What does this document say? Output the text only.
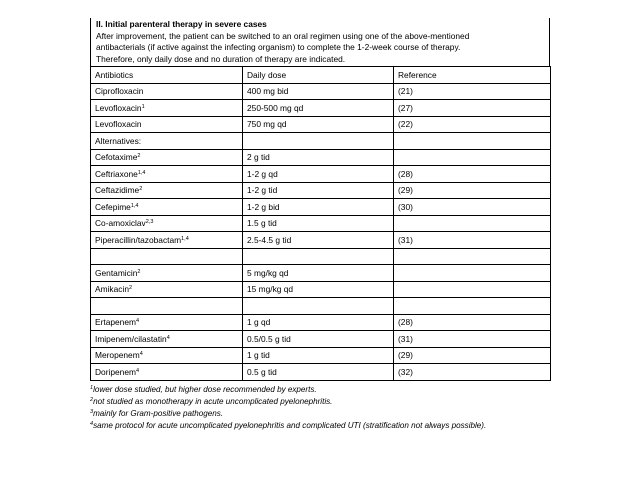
II. Initial parenteral therapy in severe cases
After improvement, the patient can be switched to an oral regimen using one of the above-mentioned
antibacterials (if active against the infecting organism) to complete the 1-2-week course of therapy.
Therefore, only daily dose and no duration of therapy are indicated.
Antibiotics	Daily dose	Reference
Ciprofloxacin	400 mg bid	(21)
Levofloxacin$^1$	250-500 mg qd	(27)
Levofloxacin	750 mg qd	(22)
Alternatives:		
Cefotaxime$^2$	2 g tid	
Ceftriaxone$^{1,4}$	1-2 g qd	(28)
Ceftazidime$^2$	1-2 g tid	(29)
Cefepime$^{1,4}$	1-2 g bid	(30)
Co-amoxiclav$^{2,3}$	1.5 g tid	
Piperacillin/tazobactam$^{1,4}$	2.5-4.5 g tid	(31)

Gentamicin$^2$	5 mg/kg qd	
Amikacin$^2$	15 mg/kg qd	

Ertapenem$^4$	1 g qd	(28)
Imipenem/cilastatin$^4$	0.5/0.5 g tid	(31)
Meropenem$^4$	1 g tid	(29)
Doripenem$^4$	0.5 g tid	(32)
$^1$lower dose studied, but higher dose recommended by experts.
$^2$not studied as monotherapy in acute uncomplicated pyelonephritis.
$^3$mainly for Gram-positive pathogens.
$^4$same protocol for acute uncomplicated pyelonephritis and complicated UTI (stratification not always possible).
